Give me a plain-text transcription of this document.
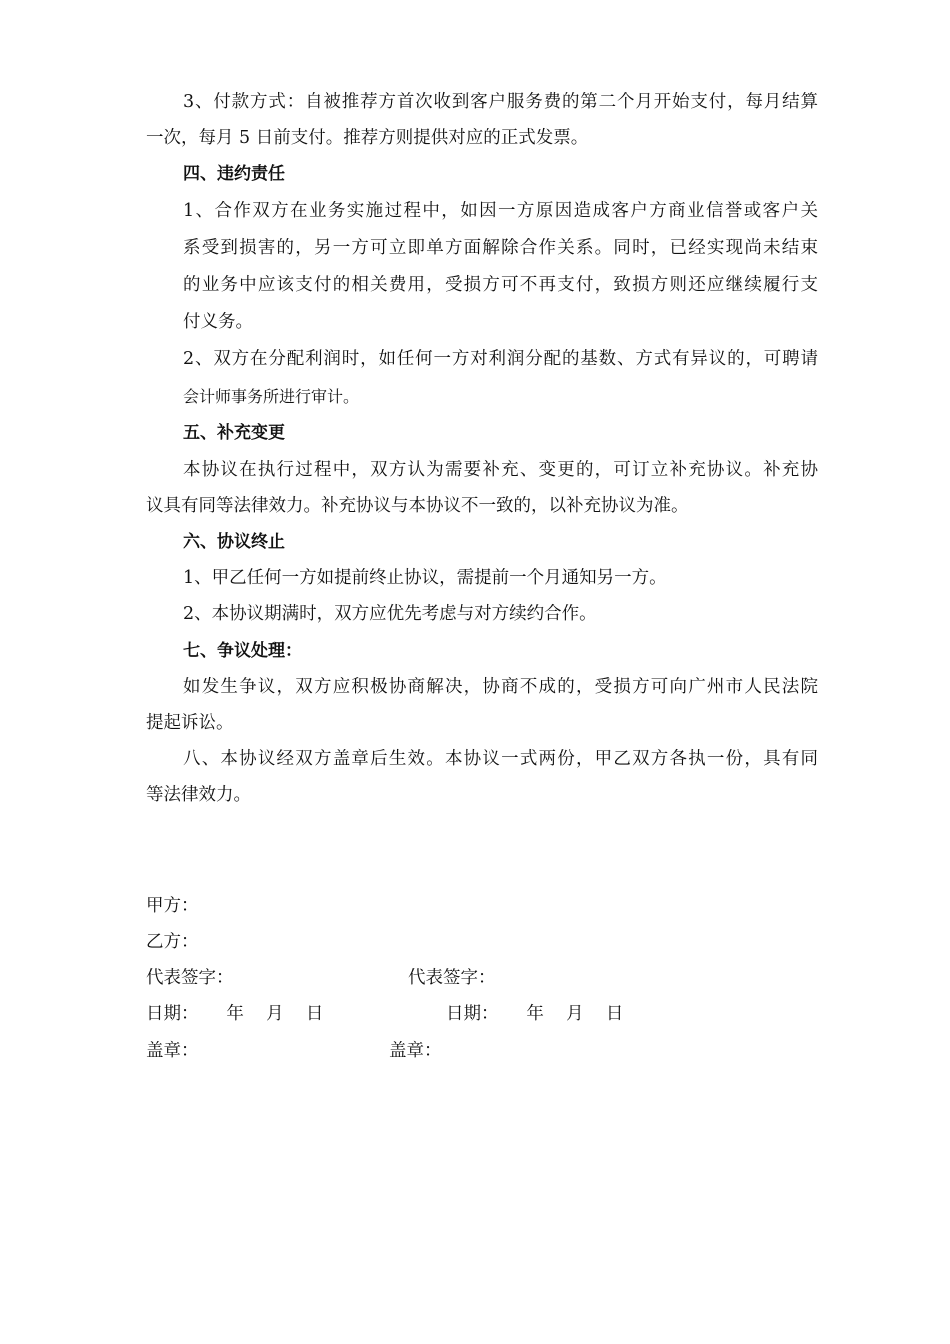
3、付款方式：自被推荐方首次收到客户服务费的第二个月开始支付，每月结算
一次，每月 5 日前支付。推荐方则提供对应的正式发票。
四、违约责任
1、合作双方在业务实施过程中，如因一方原因造成客户方商业信誉或客户关
系受到损害的，另一方可立即单方面解除合作关系。同时，已经实现尚未结束
的业务中应该支付的相关费用，受损方可不再支付，致损方则还应继续履行支
付义务。
2、双方在分配利润时，如任何一方对利润分配的基数、方式有异议的，可聘请
会计师事务所进行审计。
五、补充变更
本协议在执行过程中，双方认为需要补充、变更的，可订立补充协议。补充协
议具有同等法律效力。补充协议与本协议不一致的，以补充协议为准。
六、协议终止
1、甲乙任何一方如提前终止协议，需提前一个月通知另一方。
2、本协议期满时，双方应优先考虑与对方续约合作。
七、争议处理：
如发生争议，双方应积极协商解决，协商不成的，受损方可向广州市人民法院
提起诉讼。
八、本协议经双方盖章后生效。本协议一式两份，甲乙双方各执一份，具有同
等法律效力。
甲方：
乙方：
代表签字：	代表签字：
日期：     年    月    日	日期：     年    月    日
盖章：	盖章：
